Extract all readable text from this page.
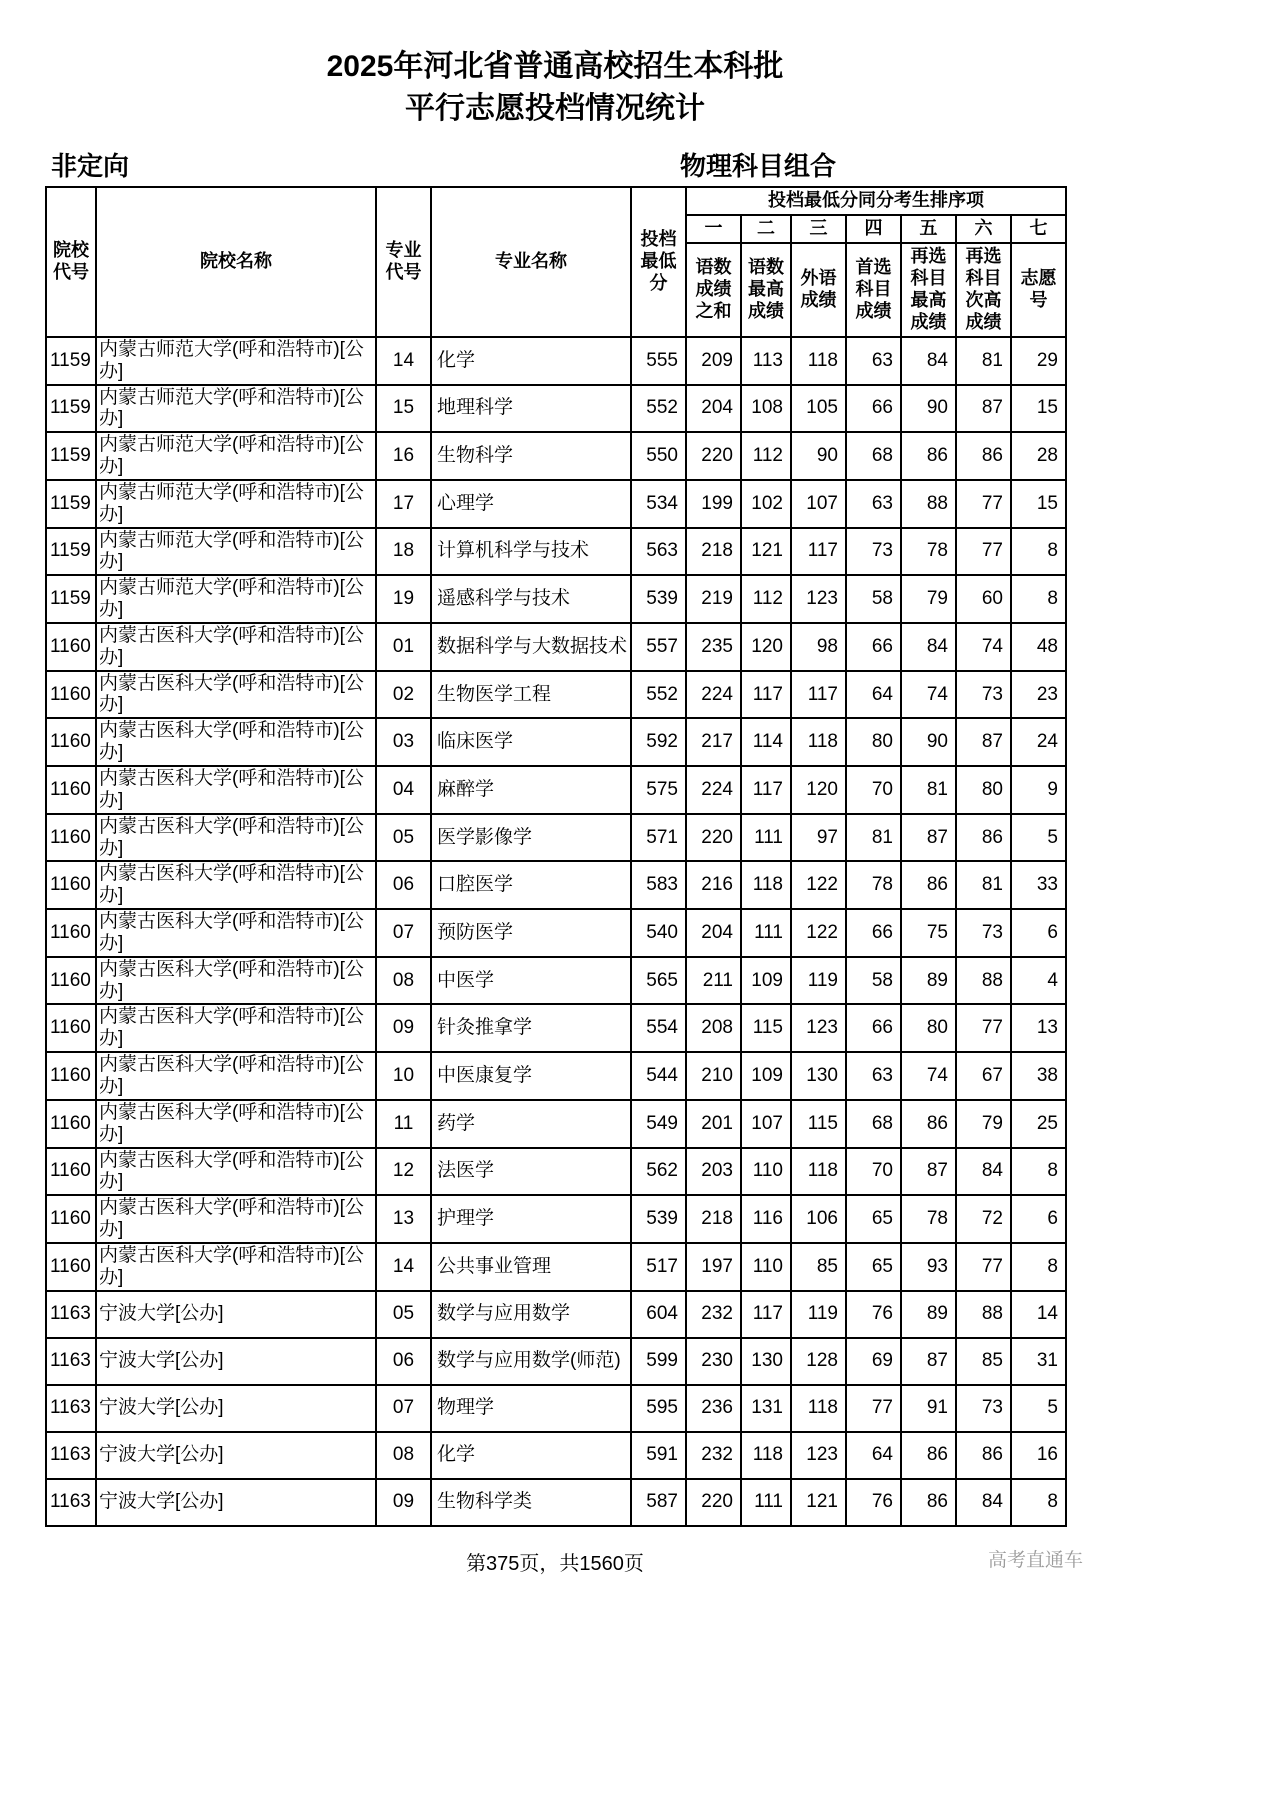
2025年河北省普通高校招生本科批
平行志愿投档情况统计
非定向	物理科目组合
院校代号	院校名称	专业代号	专业名称	投档最低分	投档最低分同分考生排序项						
					一	二	三	四	五	六	七
					语数成绩之和	语数最高成绩	外语成绩	首选科目成绩	再选科目最高成绩	再选科目次高成绩	志愿号
1159	内蒙古师范大学(呼和浩特市)[公办]	14	化学	555	209	113	118	63	84	81	29
1159	内蒙古师范大学(呼和浩特市)[公办]	15	地理科学	552	204	108	105	66	90	87	15
1159	内蒙古师范大学(呼和浩特市)[公办]	16	生物科学	550	220	112	90	68	86	86	28
1159	内蒙古师范大学(呼和浩特市)[公办]	17	心理学	534	199	102	107	63	88	77	15
1159	内蒙古师范大学(呼和浩特市)[公办]	18	计算机科学与技术	563	218	121	117	73	78	77	8
1159	内蒙古师范大学(呼和浩特市)[公办]	19	遥感科学与技术	539	219	112	123	58	79	60	8
1160	内蒙古医科大学(呼和浩特市)[公办]	01	数据科学与大数据技术	557	235	120	98	66	84	74	48
1160	内蒙古医科大学(呼和浩特市)[公办]	02	生物医学工程	552	224	117	117	64	74	73	23
1160	内蒙古医科大学(呼和浩特市)[公办]	03	临床医学	592	217	114	118	80	90	87	24
1160	内蒙古医科大学(呼和浩特市)[公办]	04	麻醉学	575	224	117	120	70	81	80	9
1160	内蒙古医科大学(呼和浩特市)[公办]	05	医学影像学	571	220	111	97	81	87	86	5
1160	内蒙古医科大学(呼和浩特市)[公办]	06	口腔医学	583	216	118	122	78	86	81	33
1160	内蒙古医科大学(呼和浩特市)[公办]	07	预防医学	540	204	111	122	66	75	73	6
1160	内蒙古医科大学(呼和浩特市)[公办]	08	中医学	565	211	109	119	58	89	88	4
1160	内蒙古医科大学(呼和浩特市)[公办]	09	针灸推拿学	554	208	115	123	66	80	77	13
1160	内蒙古医科大学(呼和浩特市)[公办]	10	中医康复学	544	210	109	130	63	74	67	38
1160	内蒙古医科大学(呼和浩特市)[公办]	11	药学	549	201	107	115	68	86	79	25
1160	内蒙古医科大学(呼和浩特市)[公办]	12	法医学	562	203	110	118	70	87	84	8
1160	内蒙古医科大学(呼和浩特市)[公办]	13	护理学	539	218	116	106	65	78	72	6
1160	内蒙古医科大学(呼和浩特市)[公办]	14	公共事业管理	517	197	110	85	65	93	77	8
1163	宁波大学[公办]	05	数学与应用数学	604	232	117	119	76	89	88	14
1163	宁波大学[公办]	06	数学与应用数学(师范)	599	230	130	128	69	87	85	31
1163	宁波大学[公办]	07	物理学	595	236	131	118	77	91	73	5
1163	宁波大学[公办]	08	化学	591	232	118	123	64	86	86	16
1163	宁波大学[公办]	09	生物科学类	587	220	111	121	76	86	84	8
第375页，共1560页	高考直通车
